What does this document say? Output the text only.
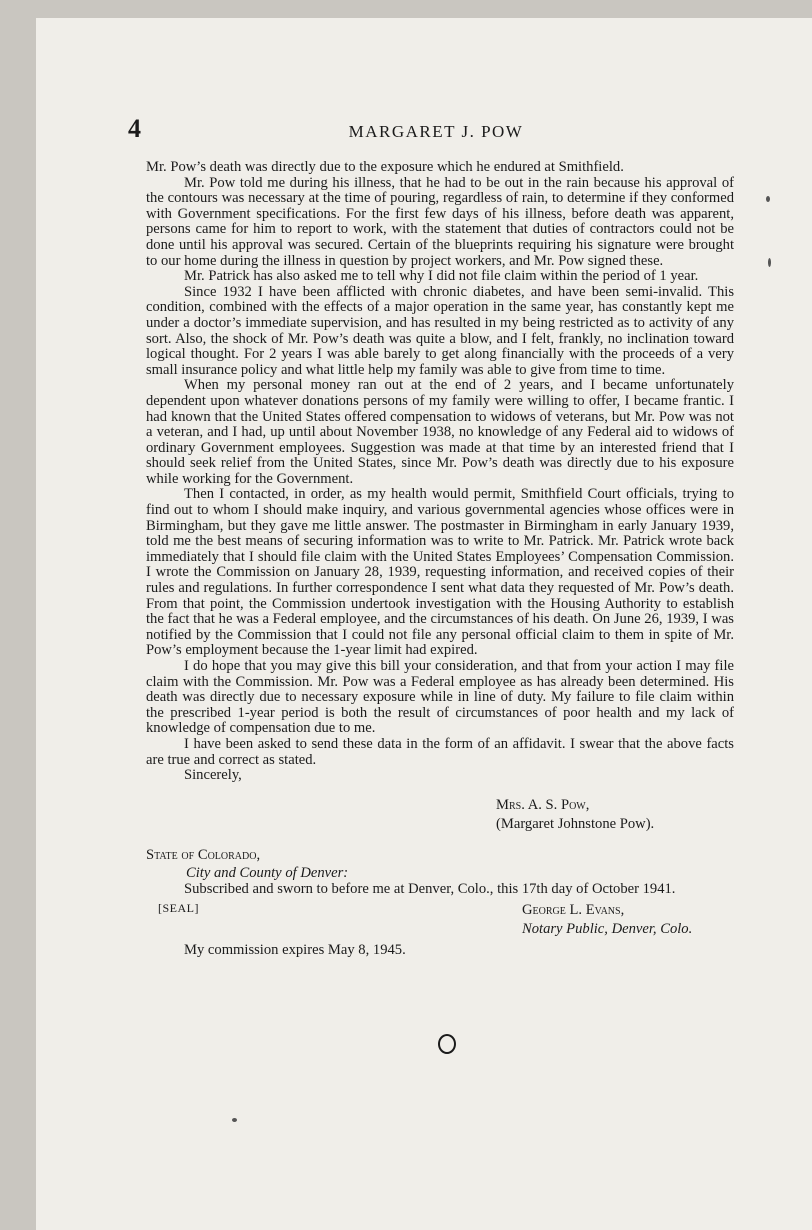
4	MARGARET J. POW

Mr. Pow’s death was directly due to the exposure which he endured at Smithfield.

Mr. Pow told me during his illness, that he had to be out in the rain because his approval of the contours was necessary at the time of pouring, regardless of rain, to determine if they conformed with Government specifications. For the first few days of his illness, before death was apparent, persons came for him to report to work, with the statement that duties of contractors could not be done until his approval was secured. Certain of the blueprints requiring his signature were brought to our home during the illness in question by project workers, and Mr. Pow signed these.

Mr. Patrick has also asked me to tell why I did not file claim within the period of 1 year.

Since 1932 I have been afflicted with chronic diabetes, and have been semi-invalid. This condition, combined with the effects of a major operation in the same year, has constantly kept me under a doctor’s immediate supervision, and has resulted in my being restricted as to activity of any sort. Also, the shock of Mr. Pow’s death was quite a blow, and I felt, frankly, no inclination toward logical thought. For 2 years I was able barely to get along financially with the proceeds of a very small insurance policy and what little help my family was able to give from time to time.

When my personal money ran out at the end of 2 years, and I became unfortunately dependent upon whatever donations persons of my family were willing to offer, I became frantic. I had known that the United States offered compensation to widows of veterans, but Mr. Pow was not a veteran, and I had, up until about November 1938, no knowledge of any Federal aid to widows of ordinary Government employees. Suggestion was made at that time by an interested friend that I should seek relief from the United States, since Mr. Pow’s death was directly due to his exposure while working for the Government.

Then I contacted, in order, as my health would permit, Smithfield Court officials, trying to find out to whom I should make inquiry, and various governmental agencies whose offices were in Birmingham, but they gave me little answer. The postmaster in Birmingham in early January 1939, told me the best means of securing information was to write to Mr. Patrick. Mr. Patrick wrote back immediately that I should file claim with the United States Employees’ Compensation Commission. I wrote the Commission on January 28, 1939, requesting information, and received copies of their rules and regulations. In further correspondence I sent what data they requested of Mr. Pow’s death. From that point, the Commission undertook investigation with the Housing Authority to establish the fact that he was a Federal employee, and the circumstances of his death. On June 26, 1939, I was notified by the Commission that I could not file any personal official claim to them in spite of Mr. Pow’s employment because the 1-year limit had expired.

I do hope that you may give this bill your consideration, and that from your action I may file claim with the Commission. Mr. Pow was a Federal employee as has already been determined. His death was directly due to necessary exposure while in line of duty. My failure to file claim within the prescribed 1-year period is both the result of circumstances of poor health and my lack of knowledge of compensation due to me.

I have been asked to send these data in the form of an affidavit. I swear that the above facts are true and correct as stated.

Sincerely,
Mrs. A. S. Pow,
(Margaret Johnstone Pow).
State of Colorado,
City and County of Denver:

Subscribed and sworn to before me at Denver, Colo., this 17th day of October 1941.

[SEAL]	George L. Evans,
Notary Public, Denver, Colo.
My commission expires May 8, 1945.
